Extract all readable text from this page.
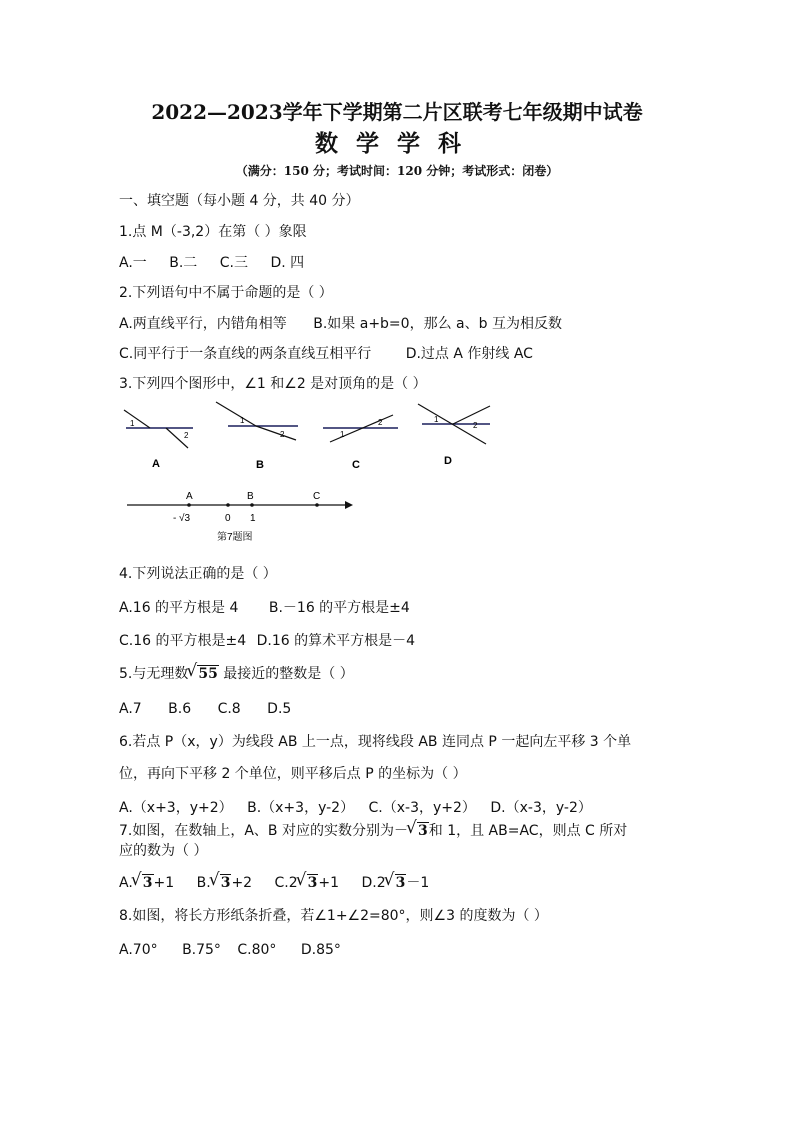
2022—2023学年下学期第二片区联考七年级期中试卷
数学学科
（满分：150 分；考试时间：120 分钟；考试形式：闭卷）
一、填空题（每小题 4 分，共 40 分）
1.点 M（-3,2）在第（ ）象限
A.一 B.二 C.三 D. 四
2.下列语句中不属于命题的是（ ）
A.两直线平行，内错角相等 B.如果 a+b=0，那么 a、b 互为相反数
C.同平行于一条直线的两条直线互相平行 D.过点 A 作射线 AC
3.下列四个图形中，∠1 和∠2 是对顶角的是（ ）
1
2
A
1
2
B
1
2
C
1
2
D
A	B	C
- √3	0 1
第7题图
4.下列说法正确的是（ ）
A.16 的平方根是 4 B.－16 的平方根是±4
C.16 的平方根是±4 D.16 的算术平方根是－4
5.与无理数 √ 55 最接近的整数是（ ）
A.7 B.6 C.8 D.5
6.若点 P（x，y）为线段 AB 上一点，现将线段 AB 连同点 P 一起向左平移 3 个单
位，再向下平移 2 个单位，则平移后点 P 的坐标为（ ）
A.（x+3，y+2） B.（x+3，y-2） C.（x-3，y+2） D.（x-3，y-2）
7.如图，在数轴上，A、B 对应的实数分别为－ √ 3和 1，且 AB=AC，则点 C 所对
应的数为（ ）
A. √ 3+1 B. √ 3+2 C.2 √ 3+1 D.2 √ 3－1
8.如图，将长方形纸条折叠，若∠1+∠2=80°，则∠3 的度数为（ ）
A.70° B.75° C.80° D.85°
